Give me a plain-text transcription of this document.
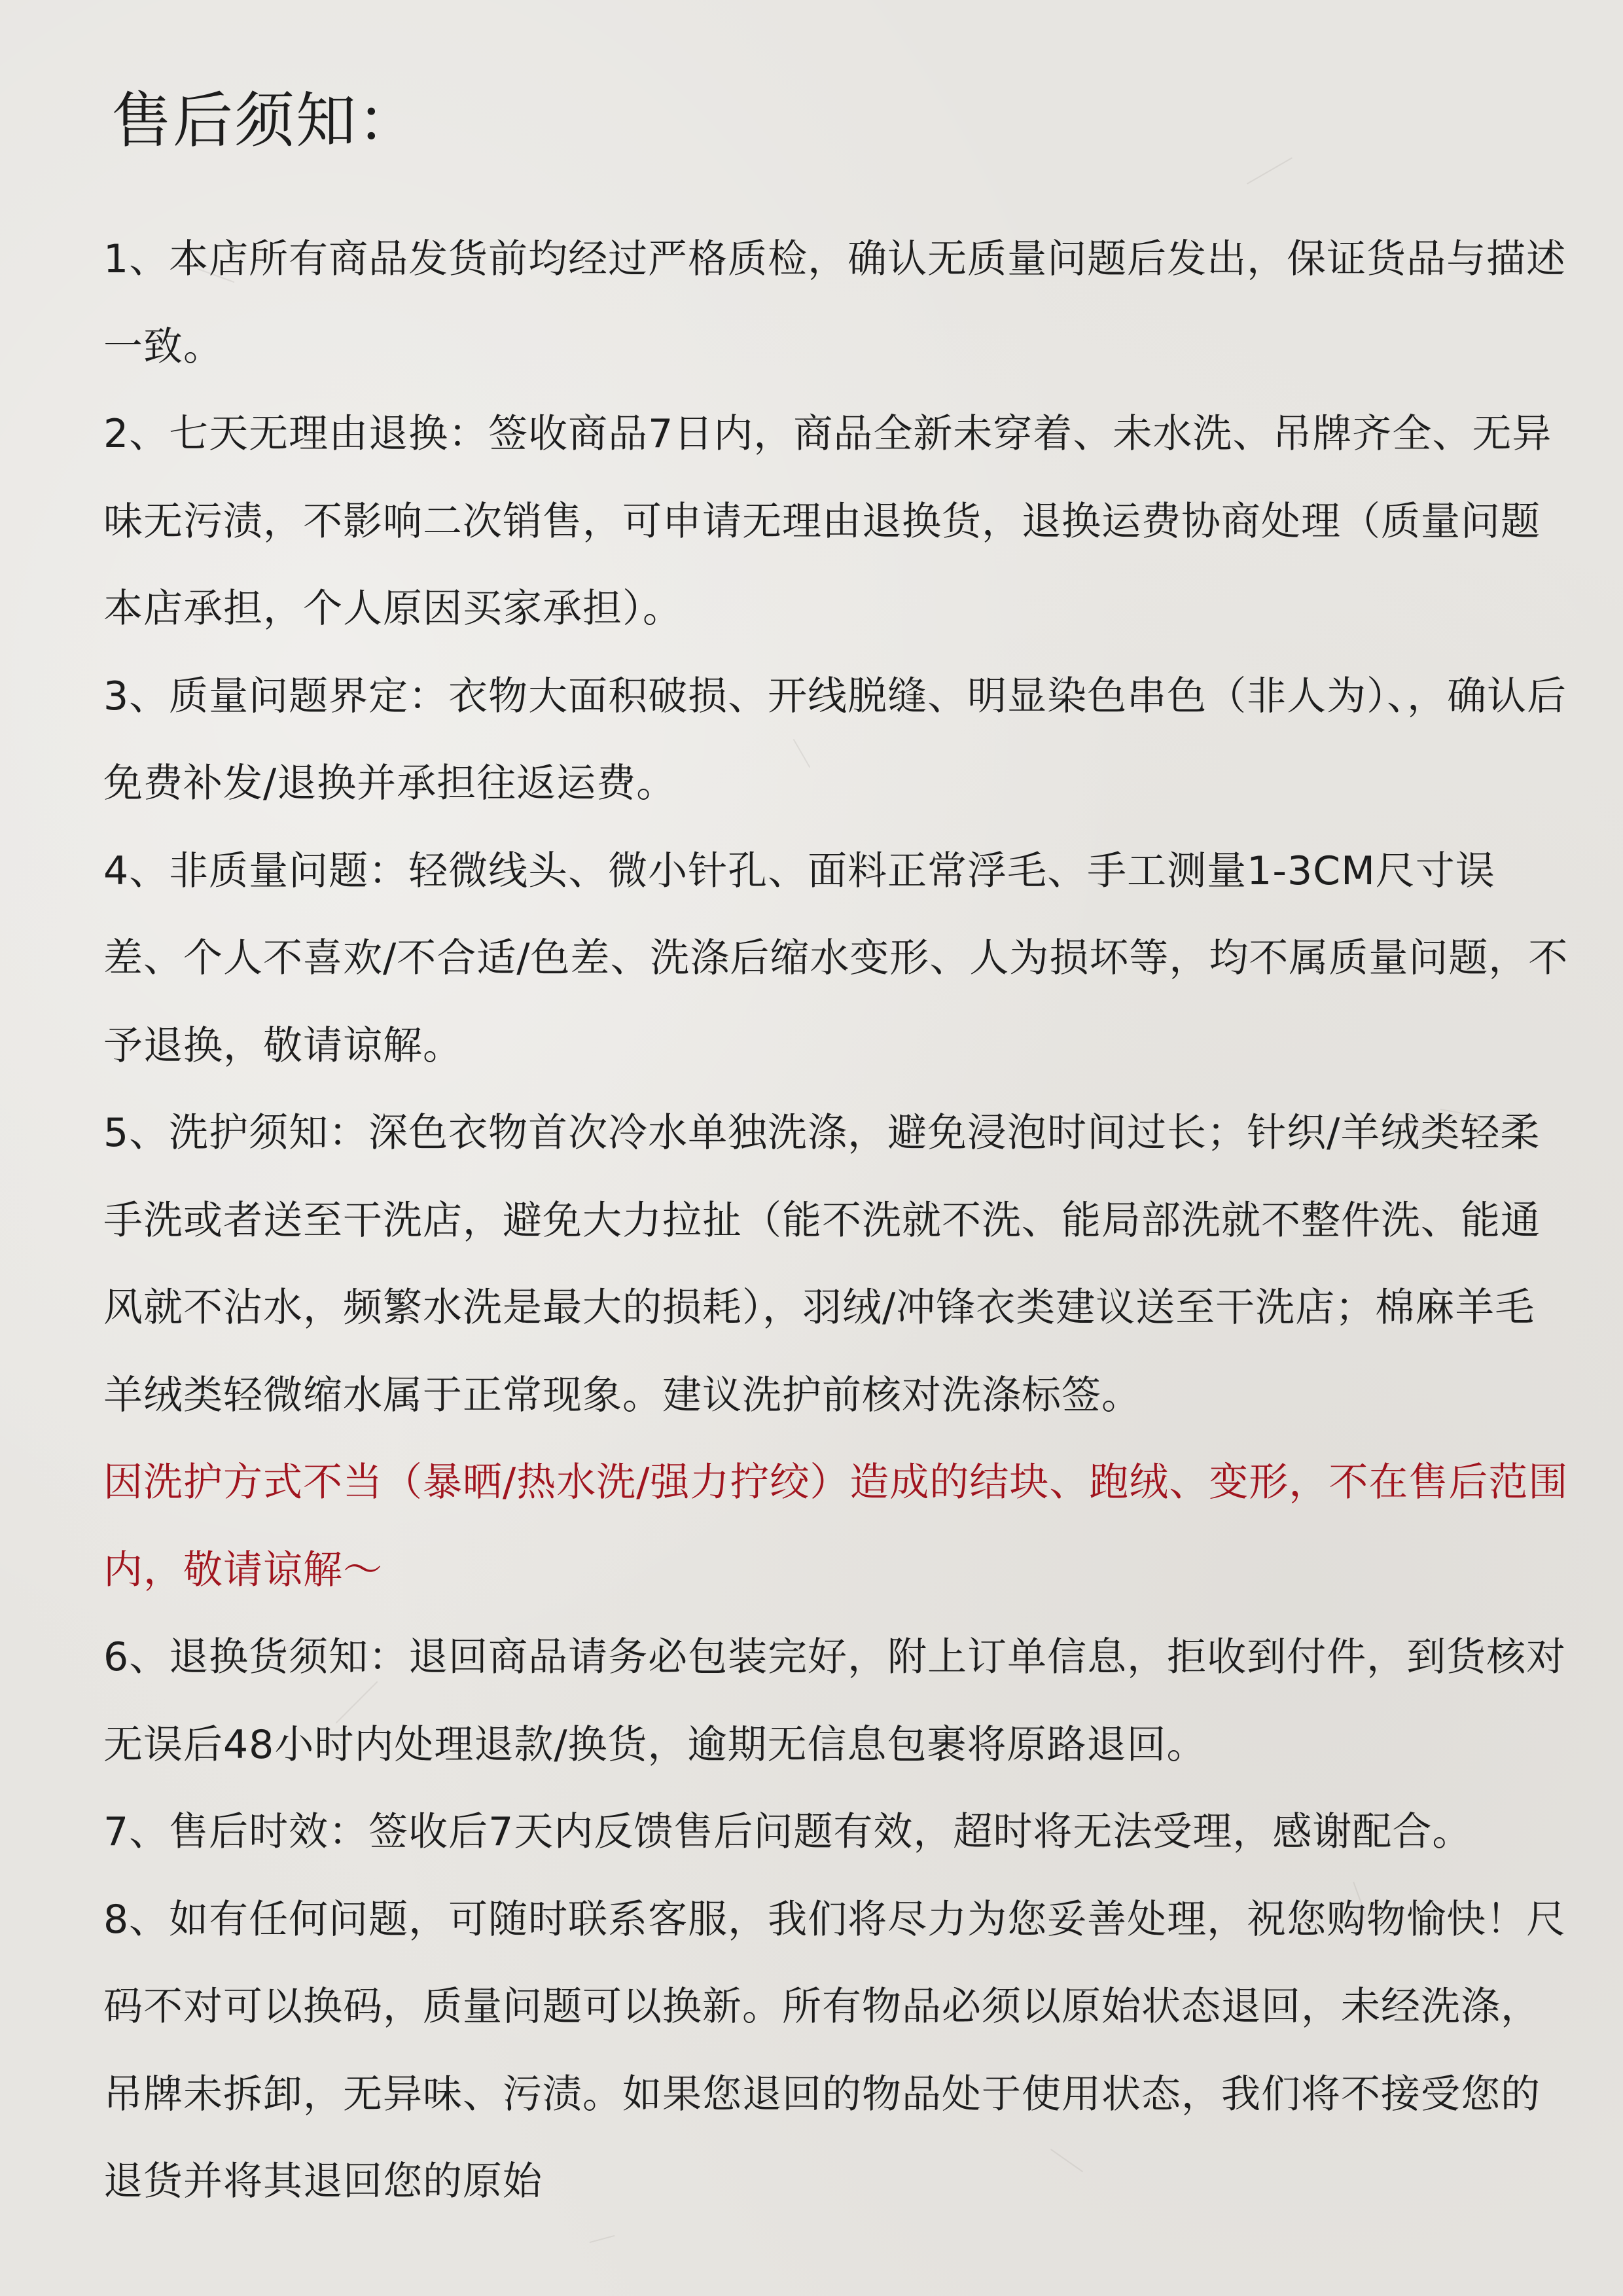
售后须知：

1、本店所有商品发货前均经过严格质检，确认无质量问题后发出，保证货品与描述一致。

2、七天无理由退换：签收商品7日内，商品全新未穿着、未水洗、吊牌齐全、无异味无污渍，不影响二次销售，可申请无理由退换货，退换运费协商处理（质量问题本店承担，个人原因买家承担）。

3、质量问题界定：衣物大面积破损、开线脱缝、明显染色串色（非人为）、，确认后免费补发/退换并承担往返运费。

4、非质量问题：轻微线头、微小针孔、面料正常浮毛、手工测量1-3CM尺寸误差、个人不喜欢/不合适/色差、洗涤后缩水变形、人为损坏等，均不属质量问题，不予退换，敬请谅解。

5、洗护须知：深色衣物首次冷水单独洗涤，避免浸泡时间过长；针织/羊绒类轻柔手洗或者送至干洗店，避免大力拉扯（能不洗就不洗、能局部洗就不整件洗、能通风就不沾水，频繁水洗是最大的损耗），羽绒/冲锋衣类建议送至干洗店；棉麻羊毛羊绒类轻微缩水属于正常现象。建议洗护前核对洗涤标签。

因洗护方式不当（暴晒/热水洗/强力拧绞）造成的结块、跑绒、变形，不在售后范围内，敬请谅解～

6、退换货须知：退回商品请务必包装完好，附上订单信息，拒收到付件，到货核对无误后48小时内处理退款/换货，逾期无信息包裹将原路退回。

7、售后时效：签收后7天内反馈售后问题有效，超时将无法受理，感谢配合。

8、如有任何问题，可随时联系客服，我们将尽力为您妥善处理，祝您购物愉快！尺码不对可以换码，质量问题可以换新。所有物品必须以原始状态退回，未经洗涤，吊牌未拆卸，无异味、污渍。如果您退回的物品处于使用状态，我们将不接受您的退货并将其退回您的原始
